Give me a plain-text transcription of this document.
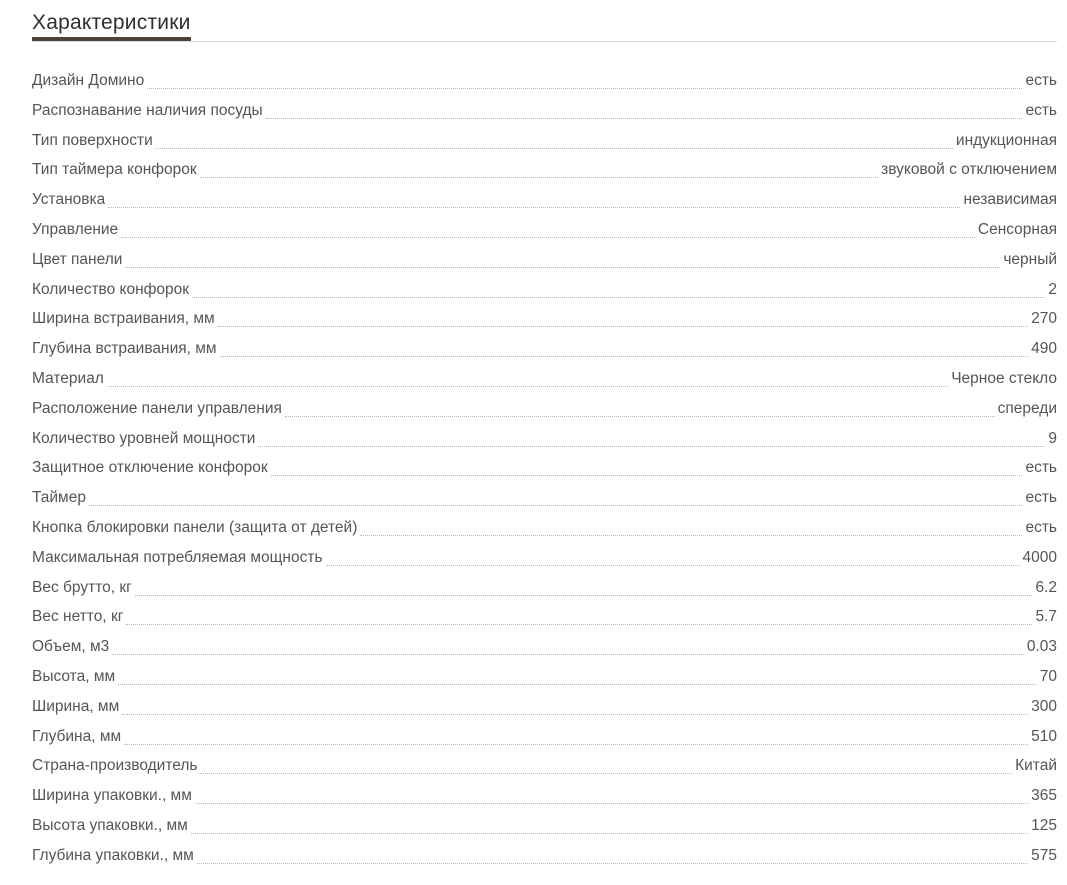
Характеристики
Дизайн Домино	есть
Распознавание наличия посуды	есть
Тип поверхности	индукционная
Тип таймера конфорок	звуковой с отключением
Установка	независимая
Управление	Сенсорная
Цвет панели	черный
Количество конфорок	2
Ширина встраивания, мм	270
Глубина встраивания, мм	490
Материал	Черное стекло
Расположение панели управления	спереди
Количество уровней мощности	9
Защитное отключение конфорок	есть
Таймер	есть
Кнопка блокировки панели (защита от детей)	есть
Максимальная потребляемая мощность	4000
Вес брутто, кг	6.2
Вес нетто, кг	5.7
Объем, м3	0.03
Высота, мм	70
Ширина, мм	300
Глубина, мм	510
Страна-производитель	Китай
Ширина упаковки., мм	365
Высота упаковки., мм	125
Глубина упаковки., мм	575
